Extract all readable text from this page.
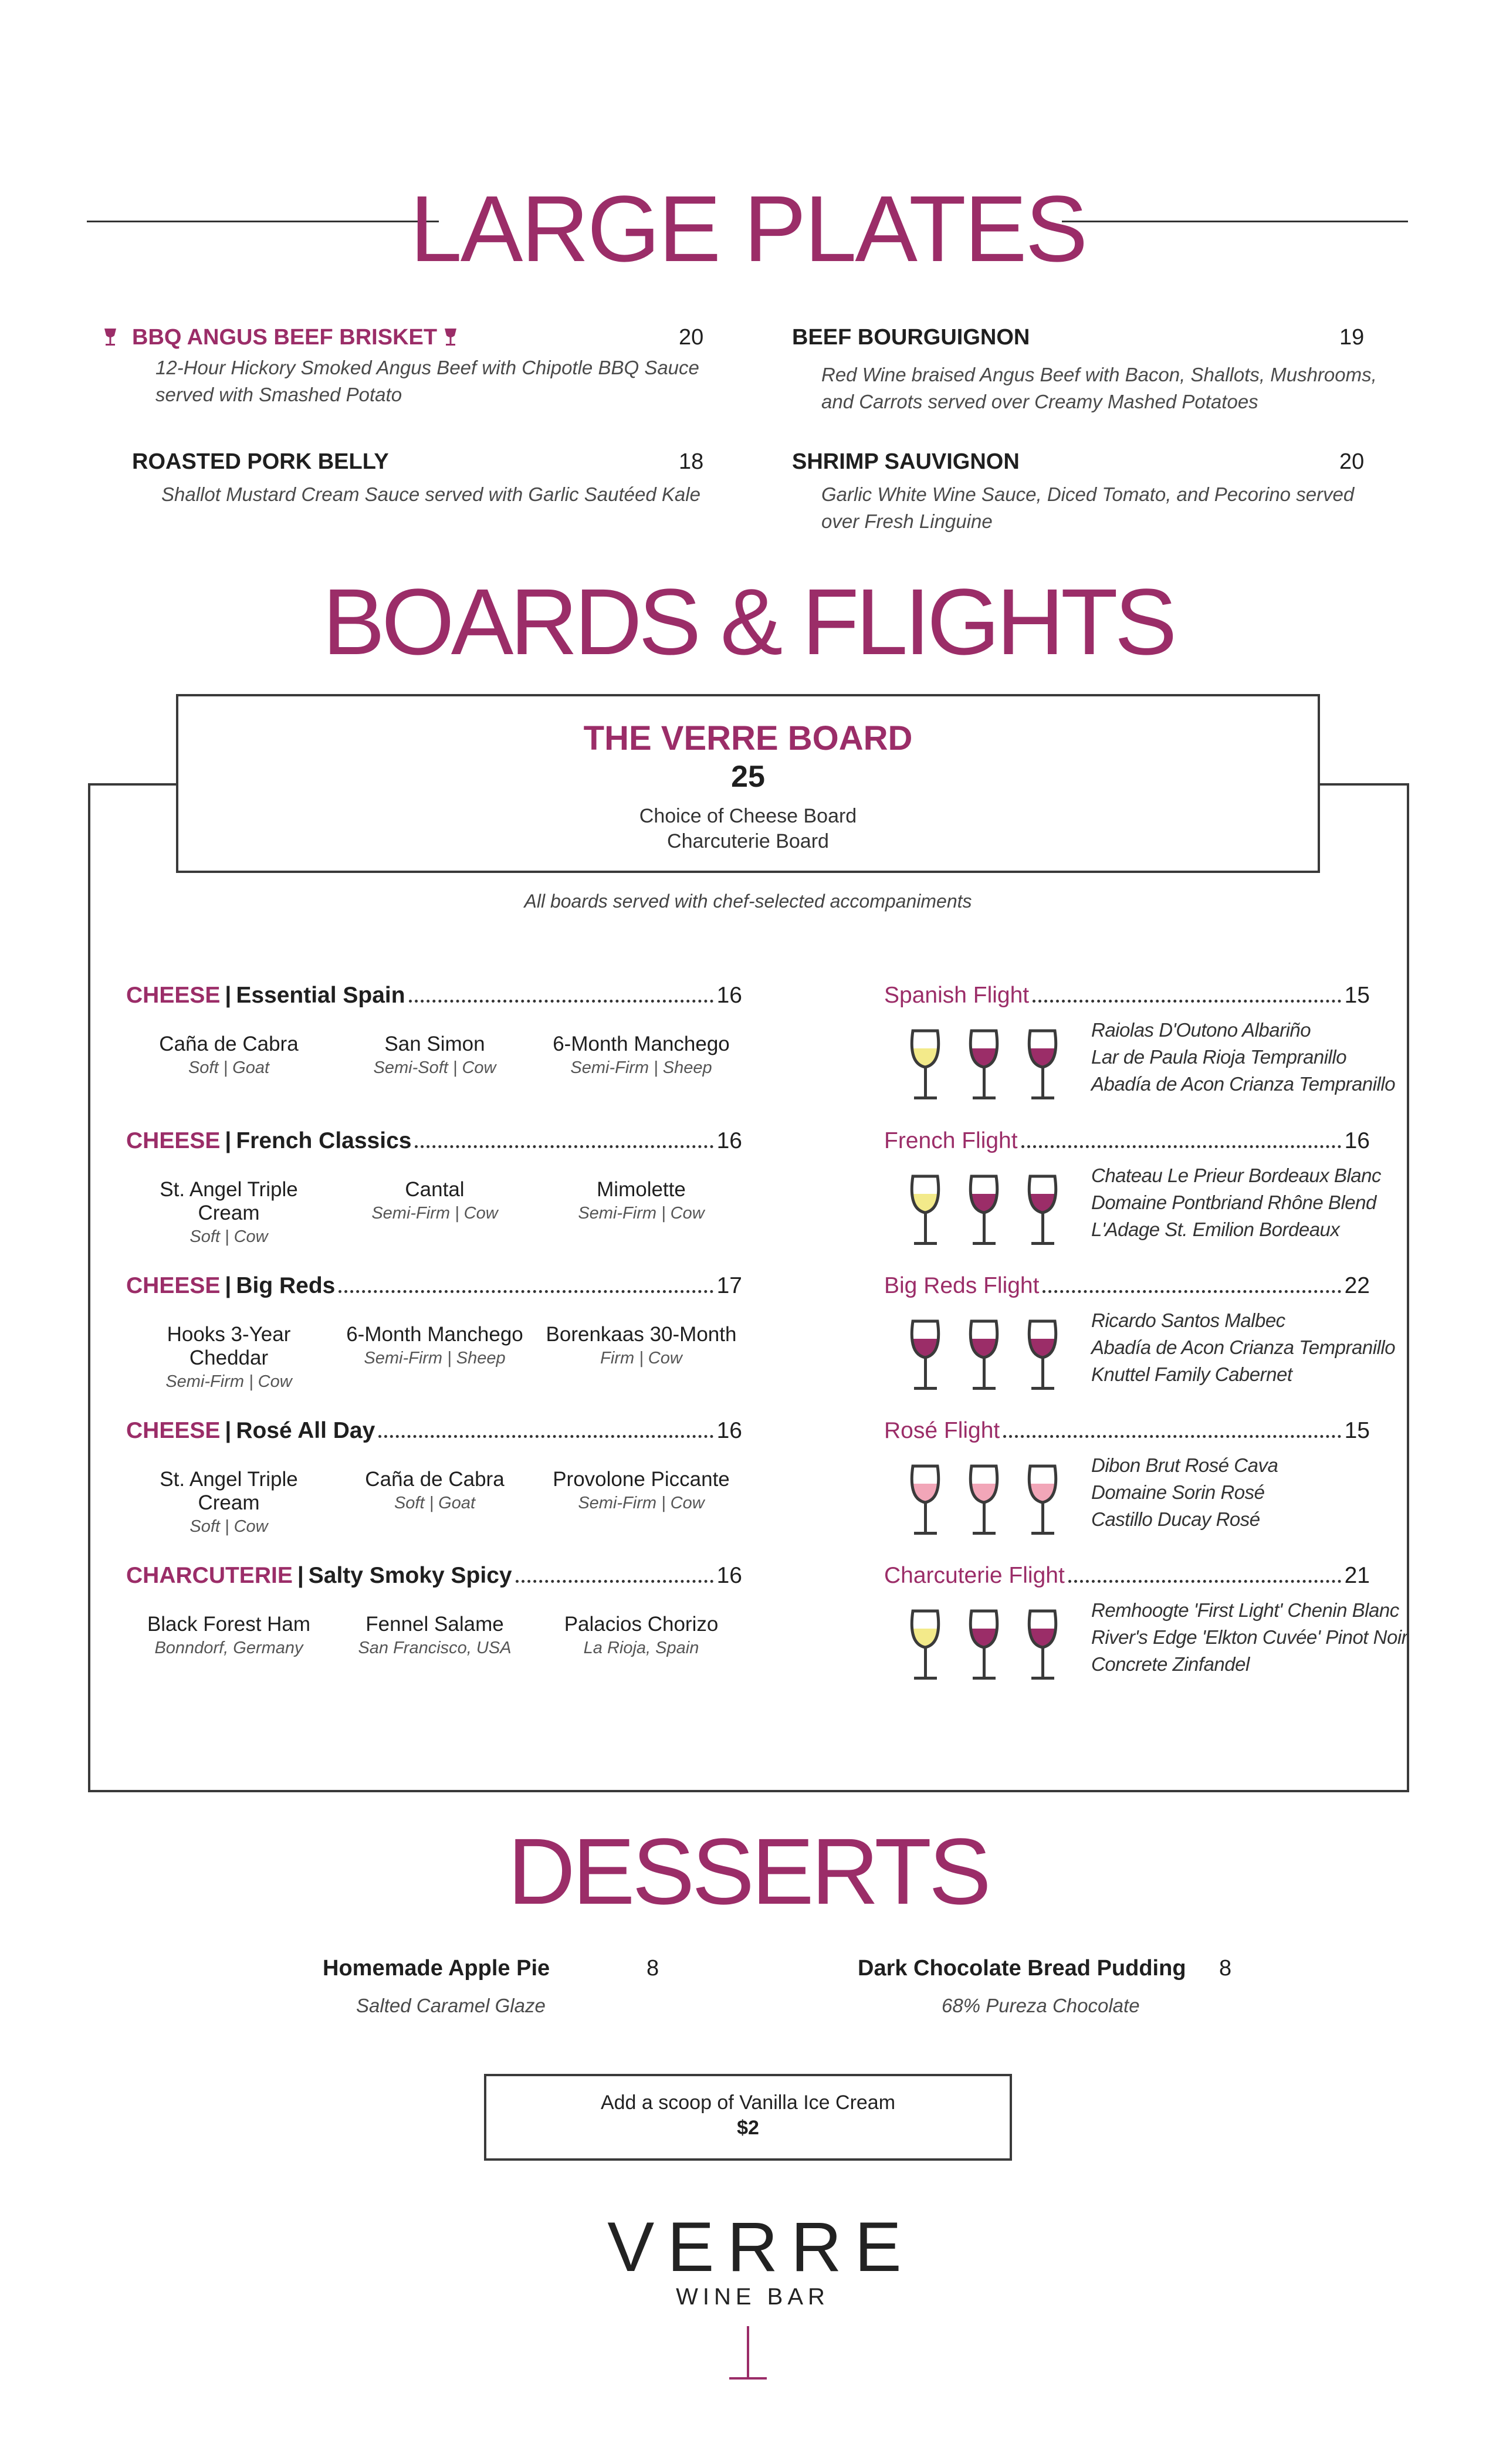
LARGE PLATES
BBQ ANGUS BEEF BRISKET	20
12-Hour Hickory Smoked Angus Beef with Chipotle BBQ Sauce
served with Smashed Potato
BEEF BOURGUIGNON	19
Red Wine braised Angus Beef with Bacon, Shallots, Mushrooms,
and Carrots served over Creamy Mashed Potatoes
ROASTED PORK BELLY	18
Shallot Mustard Cream Sauce served with Garlic Sautéed Kale
SHRIMP SAUVIGNON	20
Garlic White Wine Sauce, Diced Tomato, and Pecorino served
over Fresh Linguine
BOARDS & FLIGHTS
THE VERRE BOARD
25
Choice of Cheese Board
Charcuterie Board
All boards served with chef-selected accompaniments
CHEESE | Essential Spain	16
Caña de Cabra
Soft | Goat
San Simon
Semi-Soft | Cow
6-Month Manchego
Semi-Firm | Sheep
CHEESE | French Classics	16
St. Angel Triple Cream
Soft | Cow
Cantal
Semi-Firm | Cow
Mimolette
Semi-Firm | Cow
CHEESE | Big Reds	17
Hooks 3-Year Cheddar
Semi-Firm | Cow
6-Month Manchego
Semi-Firm | Sheep
Borenkaas 30-Month
Firm | Cow
CHEESE | Rosé All Day	16
St. Angel Triple Cream
Soft | Cow
Caña de Cabra
Soft | Goat
Provolone Piccante
Semi-Firm | Cow
CHARCUTERIE | Salty Smoky Spicy	16
Black Forest Ham
Bonndorf, Germany
Fennel Salame
San Francisco, USA
Palacios Chorizo
La Rioja, Spain
Spanish Flight	15
Raiolas D'Outono Albariño
Lar de Paula Rioja Tempranillo
Abadía de Acon Crianza Tempranillo
French Flight	16
Chateau Le Prieur Bordeaux Blanc
Domaine Pontbriand Rhône Blend
L'Adage St. Emilion Bordeaux
Big Reds Flight	22
Ricardo Santos Malbec
Abadía de Acon Crianza Tempranillo
Knuttel Family Cabernet
Rosé Flight	15
Dibon Brut Rosé Cava
Domaine Sorin Rosé
Castillo Ducay Rosé
Charcuterie Flight	21
Remhoogte 'First Light' Chenin Blanc
River's Edge 'Elkton Cuvée' Pinot Noir
Concrete Zinfandel
DESSERTS
Homemade Apple Pie	8
Salted Caramel Glaze
Dark Chocolate Bread Pudding 8
68% Pureza Chocolate
Add a scoop of Vanilla Ice Cream
$2
VERRE
WINE BAR
